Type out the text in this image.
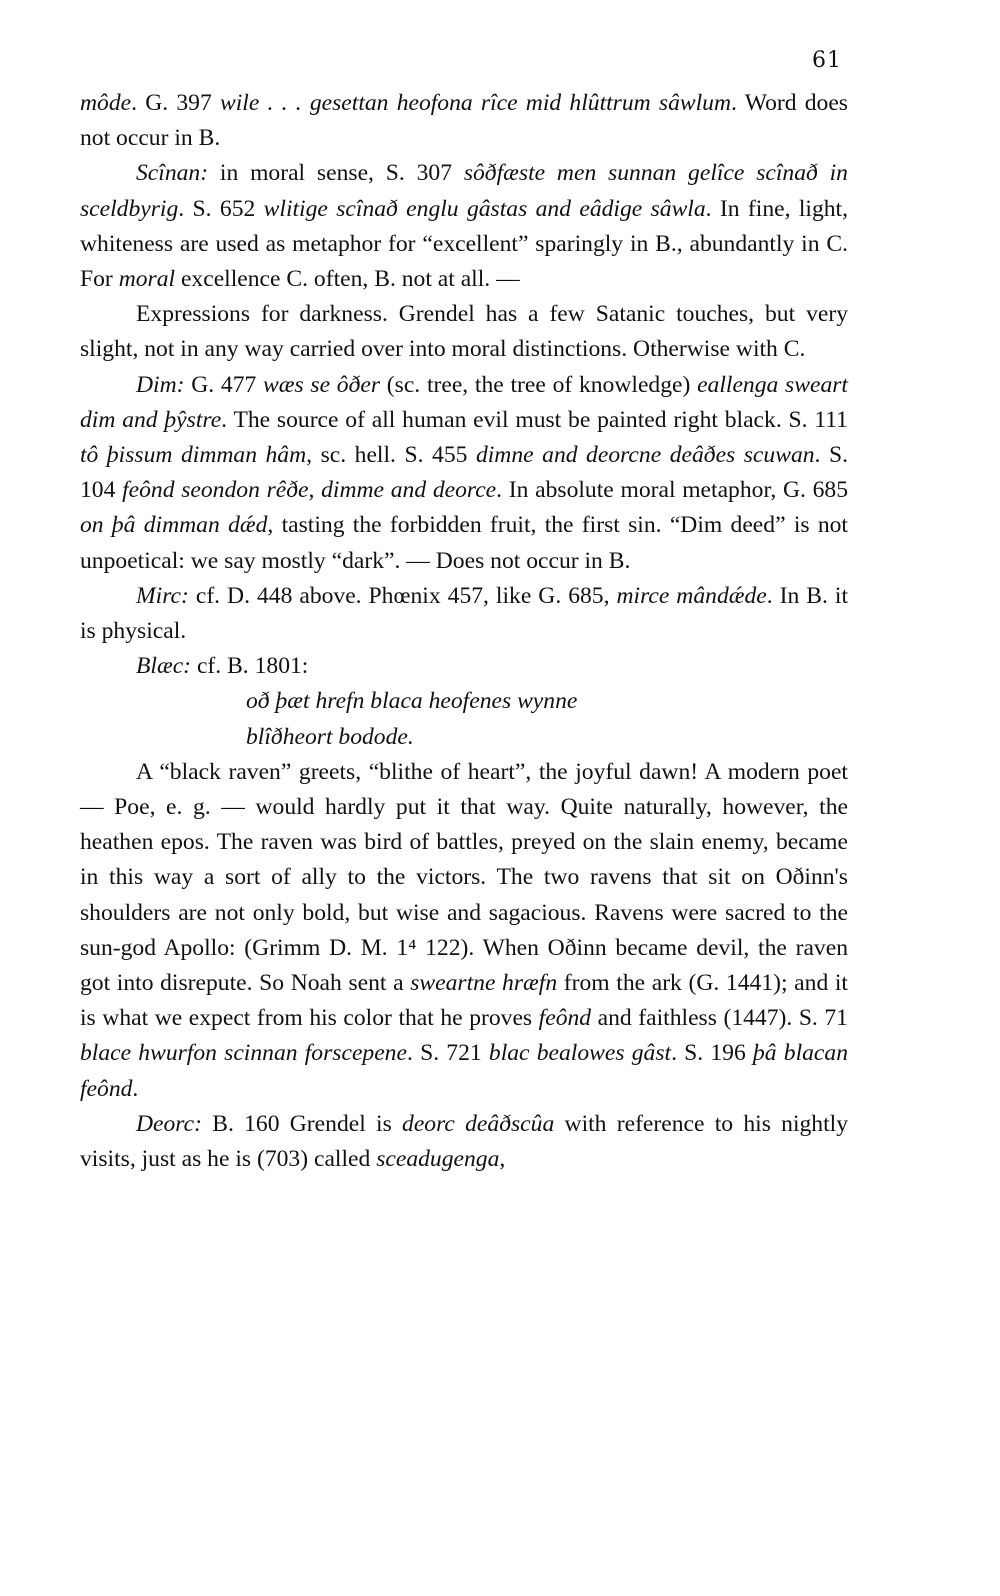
61

môde. G. 397 wile . . . gesettan heofona rîce mid hlûttrum sâwlum. Word does not occur in B.

Scînan: in moral sense, S. 307 sôðfæste men sunnan gelîce scînað in sceldbyrig. S. 652 wlitige scînað englu gâstas and eâdige sâwla. In fine, light, whiteness are used as metaphor for “excellent” sparingly in B., abundantly in C. For moral excellence C. often, B. not at all. —

Expressions for darkness. Grendel has a few Satanic touches, but very slight, not in any way carried over into moral distinctions. Otherwise with C.

Dim: G. 477 wæs se ôðer (sc. tree, the tree of knowledge) eallenga sweart dim and þŷstre. The source of all human evil must be painted right black. S. 111 tô þissum dimman hâm, sc. hell. S. 455 dimne and deorcne deâðes scuwan. S. 104 feônd seondon rêðe, dimme and deorce. In absolute moral metaphor, G. 685 on þâ dimman dǽd, tasting the forbidden fruit, the first sin. “Dim deed” is not unpoetical: we say mostly “dark”. — Does not occur in B.

Mirc: cf. D. 448 above. Phœnix 457, like G. 685, mirce mândǽde. In B. it is physical.

Blæc: cf. B. 1801:

oð þæt hrefn blaca heofenes wynne
blîðheort bodode.

A “black raven” greets, “blithe of heart”, the joyful dawn! A modern poet — Poe, e. g. — would hardly put it that way. Quite naturally, however, the heathen epos. The raven was bird of battles, preyed on the slain enemy, became in this way a sort of ally to the victors. The two ravens that sit on Oðinn's shoulders are not only bold, but wise and sagacious. Ravens were sacred to the sun-god Apollo: (Grimm D. M. 1⁴ 122). When Oðinn became devil, the raven got into disrepute. So Noah sent a sweartne hræfn from the ark (G. 1441); and it is what we expect from his color that he proves feônd and faithless (1447). S. 71 blace hwurfon scinnan forscepene. S. 721 blac bealowes gâst. S. 196 þâ blacan feônd.

Deorc: B. 160 Grendel is deorc deâðscûa with reference to his nightly visits, just as he is (703) called sceadugenga,
